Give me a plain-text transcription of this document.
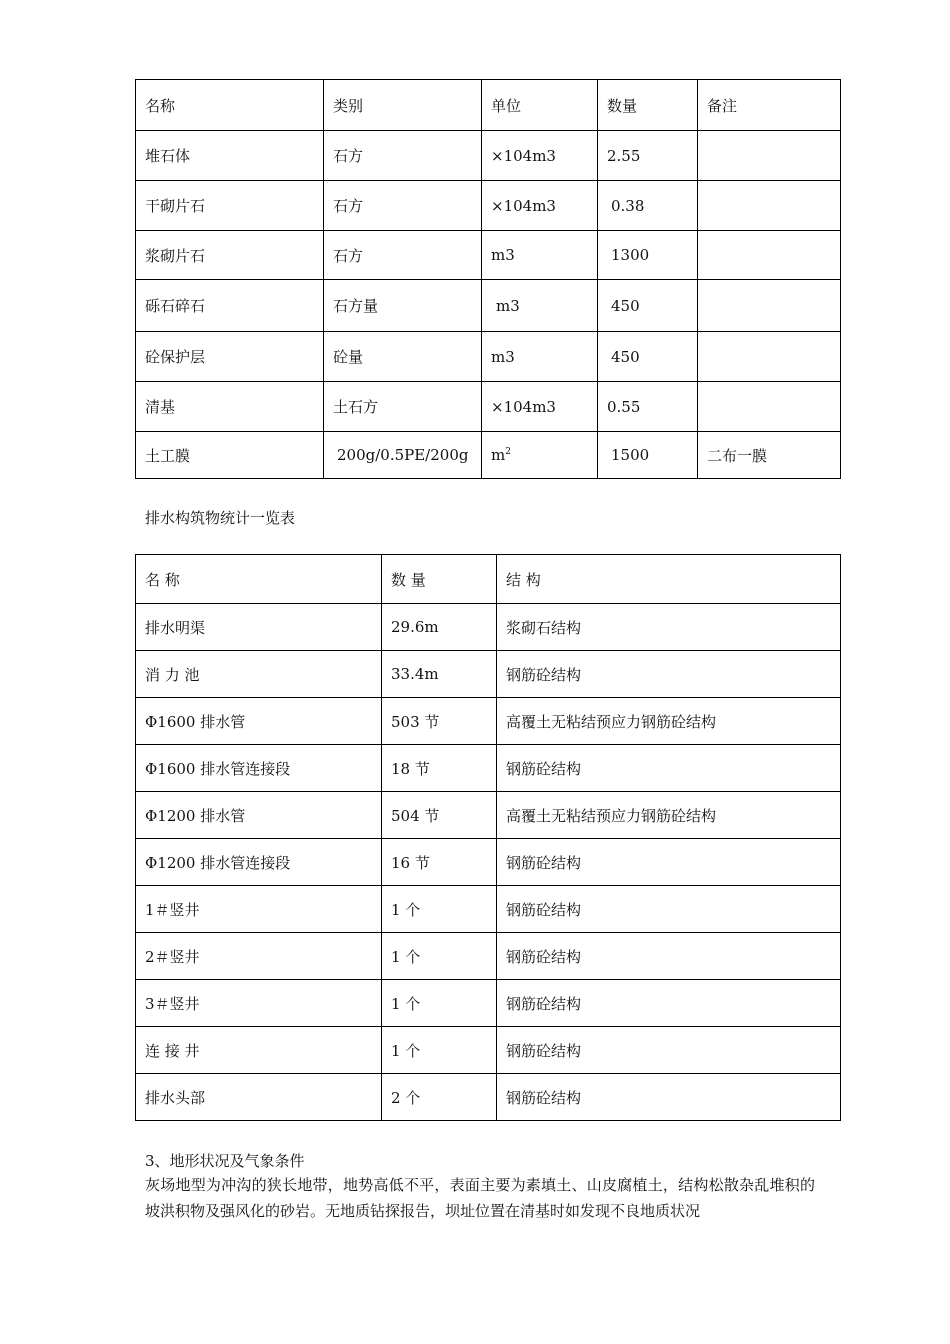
名称	类别	单位	数量	备注
堆石体	石方	×104m3	2.55	
干砌片石	石方	×104m3	0.38	
浆砌片石	石方	m3	1300	
砾石碎石	石方量	m3	450	
砼保护层	砼量	m3	450	
清基	土石方	×104m3	0.55	
土工膜	200g/0.5PE/200g	$m^2$	1500	二布一膜
排水构筑物统计一览表
名 称	数 量	结 构
排水明渠	29.6m	浆砌石结构
消 力 池	33.4m	钢筋砼结构
Φ1600 排水管	503 节	高覆土无粘结预应力钢筋砼结构
Φ1600 排水管连接段	18 节	钢筋砼结构
Φ1200 排水管	504 节	高覆土无粘结预应力钢筋砼结构
Φ1200 排水管连接段	16 节	钢筋砼结构
1＃竖井	1 个	钢筋砼结构
2＃竖井	1 个	钢筋砼结构
3＃竖井	1 个	钢筋砼结构
连 接 井	1 个	钢筋砼结构
排水头部	2 个	钢筋砼结构
3、地形状况及气象条件
灰场地型为冲沟的狭长地带，地势高低不平，表面主要为素填土、山皮腐植土，结构松散杂乱堆积的坡洪积物及强风化的砂岩。无地质钻探报告，坝址位置在清基时如发现不良地质状况
